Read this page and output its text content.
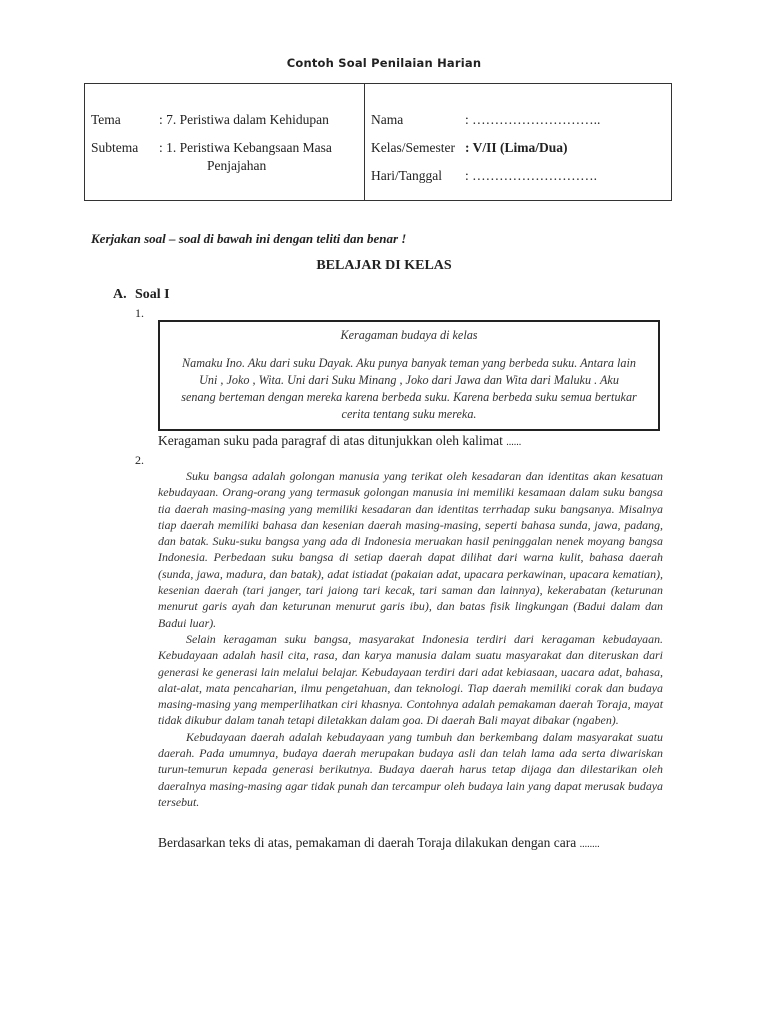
Contoh Soal Penilaian Harian
Tema	: 7. Peristiwa dalam Kehidupan
Subtema : 1. Peristiwa Kebangsaan Masa
Penjajahan
Nama	: ………………………..
Kelas/Semester : V/II (Lima/Dua)
Hari/Tanggal : ……………………….
Kerjakan soal – soal di bawah ini dengan teliti dan benar !
BELAJAR DI KELAS
A. Soal I
1.
Keragaman budaya di kelas
Namaku Ino. Aku dari suku Dayak. Aku punya banyak teman yang berbeda suku. Antara lain
Uni , Joko , Wita. Uni dari Suku Minang , Joko dari Jawa dan Wita dari Maluku . Aku
senang berteman dengan mereka karena berbeda suku. Karena berbeda suku semua bertukar
cerita tentang suku mereka.
Keragaman suku pada paragraf di atas ditunjukkan oleh kalimat ......
2.

Suku bangsa adalah golongan manusia yang terikat oleh kesadaran dan identitas akan kesatuan kebudayaan. Orang-orang yang termasuk golongan manusia ini memiliki kesamaan dalam suku bangsa tia daerah masing-masing yang memiliki kesadaran dan identitas terrhadap suku bangsanya. Misalnya tiap daerah memiliki bahasa dan kesenian daerah masing-masing, seperti bahasa sunda, jawa, padang, dan batak. Suku-suku bangsa yang ada di Indonesia meruakan hasil peninggalan nenek moyang bangsa Indonesia. Perbedaan suku bangsa di setiap daerah dapat dilihat dari warna kulit, bahasa daerah (sunda, jawa, madura, dan batak), adat istiadat (pakaian adat, upacara perkawinan, upacara kematian), kesenian daerah (tari janger, tari jaiong tari kecak, tari saman dan lainnya), kekerabatan (keturunan menurut garis ayah dan keturunan menurut garis ibu), dan batas fisik lingkungan (Badui dalam dan Badui luar).

Selain keragaman suku bangsa, masyarakat Indonesia terdiri dari keragaman kebudayaan. Kebudayaan adalah hasil cita, rasa, dan karya manusia dalam suatu masyarakat dan diteruskan dari generasi ke generasi lain melalui belajar. Kebudayaan terdiri dari adat kebiasaan, uacara adat, bahasa, alat-alat, mata pencaharian, ilmu pengetahuan, dan teknologi. Tiap daerah memiliki corak dan budaya masing-masing yang memperlihatkan ciri khasnya. Contohnya adalah pemakaman daerah Toraja, mayat tidak dikubur dalam tanah tetapi diletakkan dalam goa. Di daerah Bali mayat dibakar (ngaben).

Kebudayaan daerah adalah kebudayaan yang tumbuh dan berkembang dalam masyarakat suatu daerah. Pada umumnya, budaya daerah merupakan budaya asli dan telah lama ada serta diwariskan turun-temurun kepada generasi berikutnya. Budaya daerah harus tetap dijaga dan dilestarikan oleh daeralnya masing-masing agar tidak punah dan tercampur oleh budaya lain yang dapat merusak budaya tersebut.

Berdasarkan teks di atas, pemakaman di daerah Toraja dilakukan dengan cara ........
